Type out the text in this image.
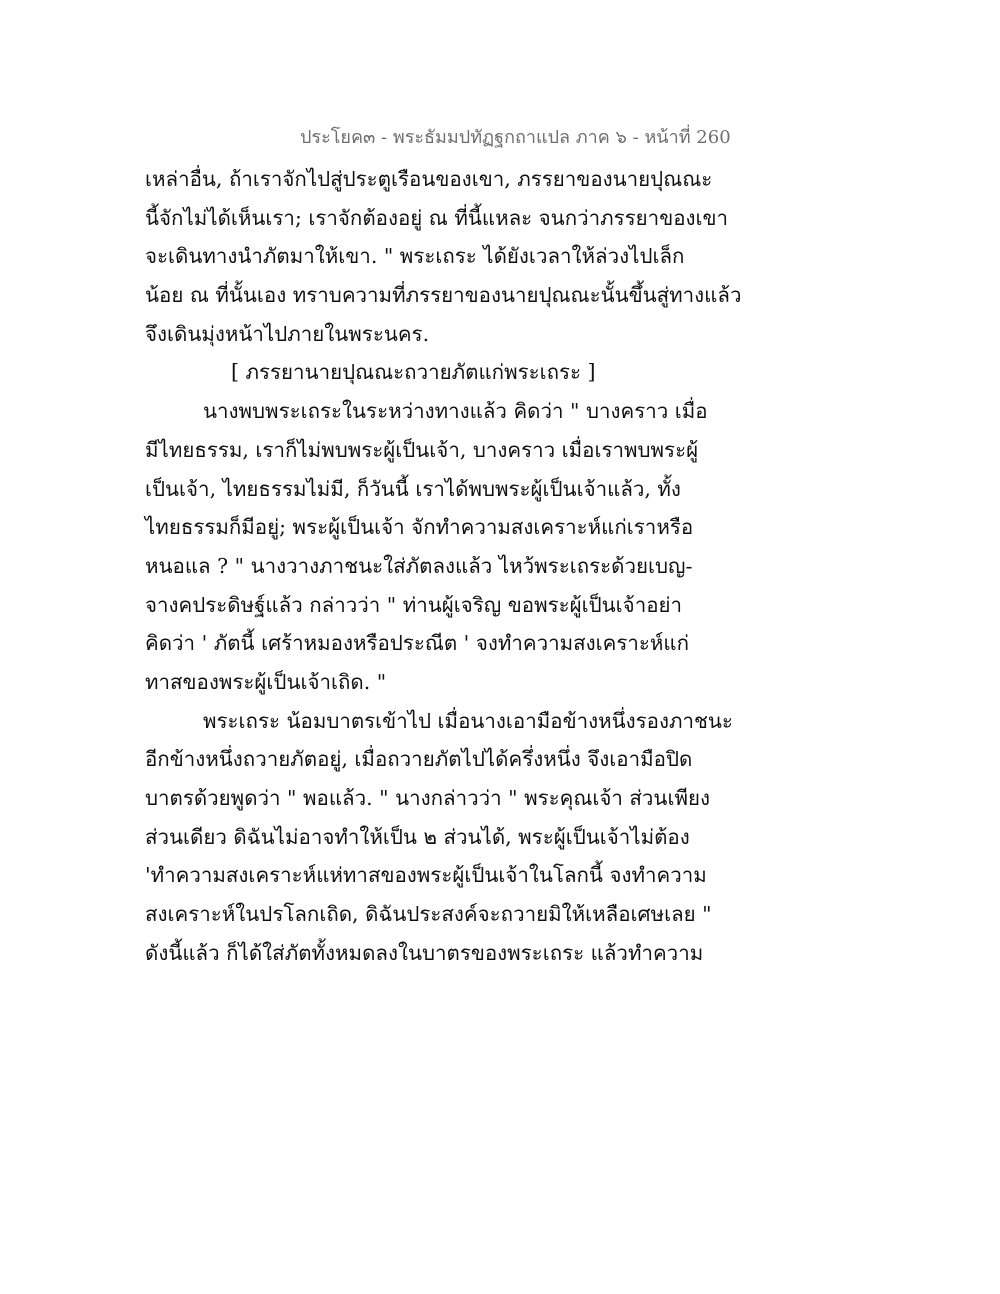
ประโยค๓ - พระธัมมปทัฏฐกถาแปล ภาค ๖ - หน้าที่ 260
เหล่าอื่น, ถ้าเราจักไปสู่ประตูเรือนของเขา, ภรรยาของนายปุณณะ
นี้จักไม่ได้เห็นเรา; เราจักต้องอยู่ ณ ที่นี้แหละ จนกว่าภรรยาของเขา
จะเดินทางนำภัตมาให้เขา. " พระเถระ ได้ยังเวลาให้ล่วงไปเล็ก
น้อย ณ ที่นั้นเอง ทราบความที่ภรรยาของนายปุณณะนั้นขึ้นสู่ทางแล้ว
จึงเดินมุ่งหน้าไปภายในพระนคร.
[ ภรรยานายปุณณะถวายภัตแก่พระเถระ ]
นางพบพระเถระในระหว่างทางแล้ว คิดว่า " บางคราว เมื่อ
มีไทยธรรม, เราก็ไม่พบพระผู้เป็นเจ้า, บางคราว เมื่อเราพบพระผู้
เป็นเจ้า, ไทยธรรมไม่มี, ก็วันนี้ เราได้พบพระผู้เป็นเจ้าแล้ว, ทั้ง
ไทยธรรมก็มีอยู่; พระผู้เป็นเจ้า จักทำความสงเคราะห์แก่เราหรือ
หนอแล ? " นางวางภาชนะใส่ภัตลงแล้ว ไหว้พระเถระด้วยเบญ-
จางคประดิษฐ์แล้ว กล่าวว่า " ท่านผู้เจริญ ขอพระผู้เป็นเจ้าอย่า
คิดว่า ' ภัตนี้ เศร้าหมองหรือประณีต ' จงทำความสงเคราะห์แก่
ทาสของพระผู้เป็นเจ้าเถิด. "
พระเถระ น้อมบาตรเข้าไป เมื่อนางเอามือข้างหนึ่งรองภาชนะ
อีกข้างหนึ่งถวายภัตอยู่, เมื่อถวายภัตไปได้ครึ่งหนึ่ง จึงเอามือปิด
บาตรด้วยพูดว่า " พอแล้ว. " นางกล่าวว่า " พระคุณเจ้า ส่วนเพียง
ส่วนเดียว ดิฉันไม่อาจทำให้เป็น ๒ ส่วนได้, พระผู้เป็นเจ้าไม่ต้อง
'ทำความสงเคราะห์แห่ทาสของพระผู้เป็นเจ้าในโลกนี้ จงทำความ
สงเคราะห์ในปรโลกเถิด, ดิฉันประสงค์จะถวายมิให้เหลือเศษเลย "
ดังนี้แล้ว ก็ได้ใส่ภัตทั้งหมดลงในบาตรของพระเถระ แล้วทำความ
